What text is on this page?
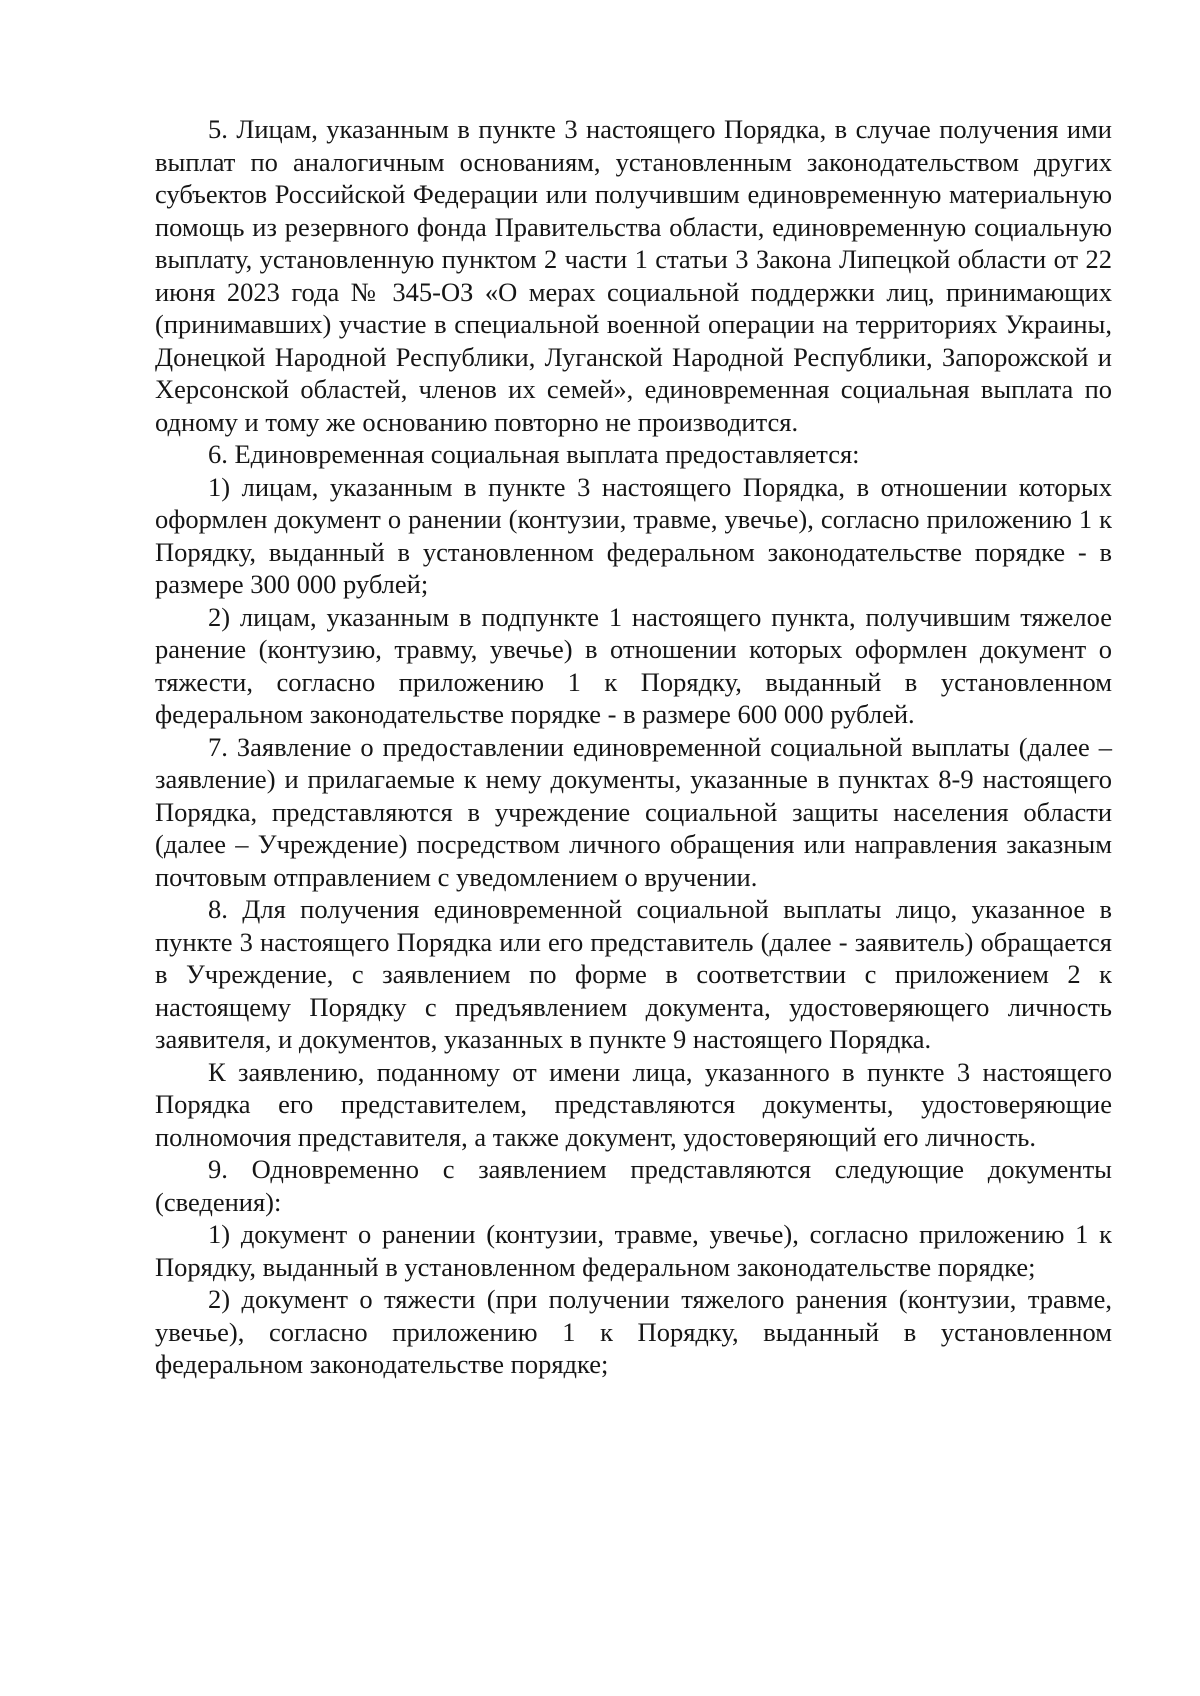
5. Лицам, указанным в пункте 3 настоящего Порядка, в случае получения ими выплат по аналогичным основаниям, установленным законодательством других субъектов Российской Федерации или получившим единовременную материальную помощь из резервного фонда Правительства области, единовременную социальную выплату, установленную пунктом 2 части 1 статьи 3 Закона Липецкой области от 22 июня 2023 года № 345-ОЗ «О мерах социальной поддержки лиц, принимающих (принимавших) участие в специальной военной операции на территориях Украины, Донецкой Народной Республики, Луганской Народной Республики, Запорожской и Херсонской областей, членов их семей», единовременная социальная выплата по одному и тому же основанию повторно не производится.

6. Единовременная социальная выплата предоставляется:

1) лицам, указанным в пункте 3 настоящего Порядка, в отношении которых оформлен документ о ранении (контузии, травме, увечье), согласно приложению 1 к Порядку, выданный в установленном федеральном законодательстве порядке - в размере 300 000 рублей;

2) лицам, указанным в подпункте 1 настоящего пункта, получившим тяжелое ранение (контузию, травму, увечье) в отношении которых оформлен документ о тяжести, согласно приложению 1 к Порядку, выданный в установленном федеральном законодательстве порядке - в размере 600 000 рублей.

7. Заявление о предоставлении единовременной социальной выплаты (далее – заявление) и прилагаемые к нему документы, указанные в пунктах 8-9 настоящего Порядка, представляются в учреждение социальной защиты населения области (далее – Учреждение) посредством личного обращения или направления заказным почтовым отправлением с уведомлением о вручении.

8. Для получения единовременной социальной выплаты лицо, указанное в пункте 3 настоящего Порядка или его представитель (далее - заявитель) обращается в Учреждение, с заявлением по форме в соответствии с приложением 2 к настоящему Порядку с предъявлением документа, удостоверяющего личность заявителя, и документов, указанных в пункте 9 настоящего Порядка.

К заявлению, поданному от имени лица, указанного в пункте 3 настоящего Порядка его представителем, представляются документы, удостоверяющие полномочия представителя, а также документ, удостоверяющий его личность.

9. Одновременно с заявлением представляются следующие документы (сведения):

1) документ о ранении (контузии, травме, увечье), согласно приложению 1 к Порядку, выданный в установленном федеральном законодательстве порядке;

2) документ о тяжести (при получении тяжелого ранения (контузии, травме, увечье), согласно приложению 1 к Порядку, выданный в установленном федеральном законодательстве порядке;
